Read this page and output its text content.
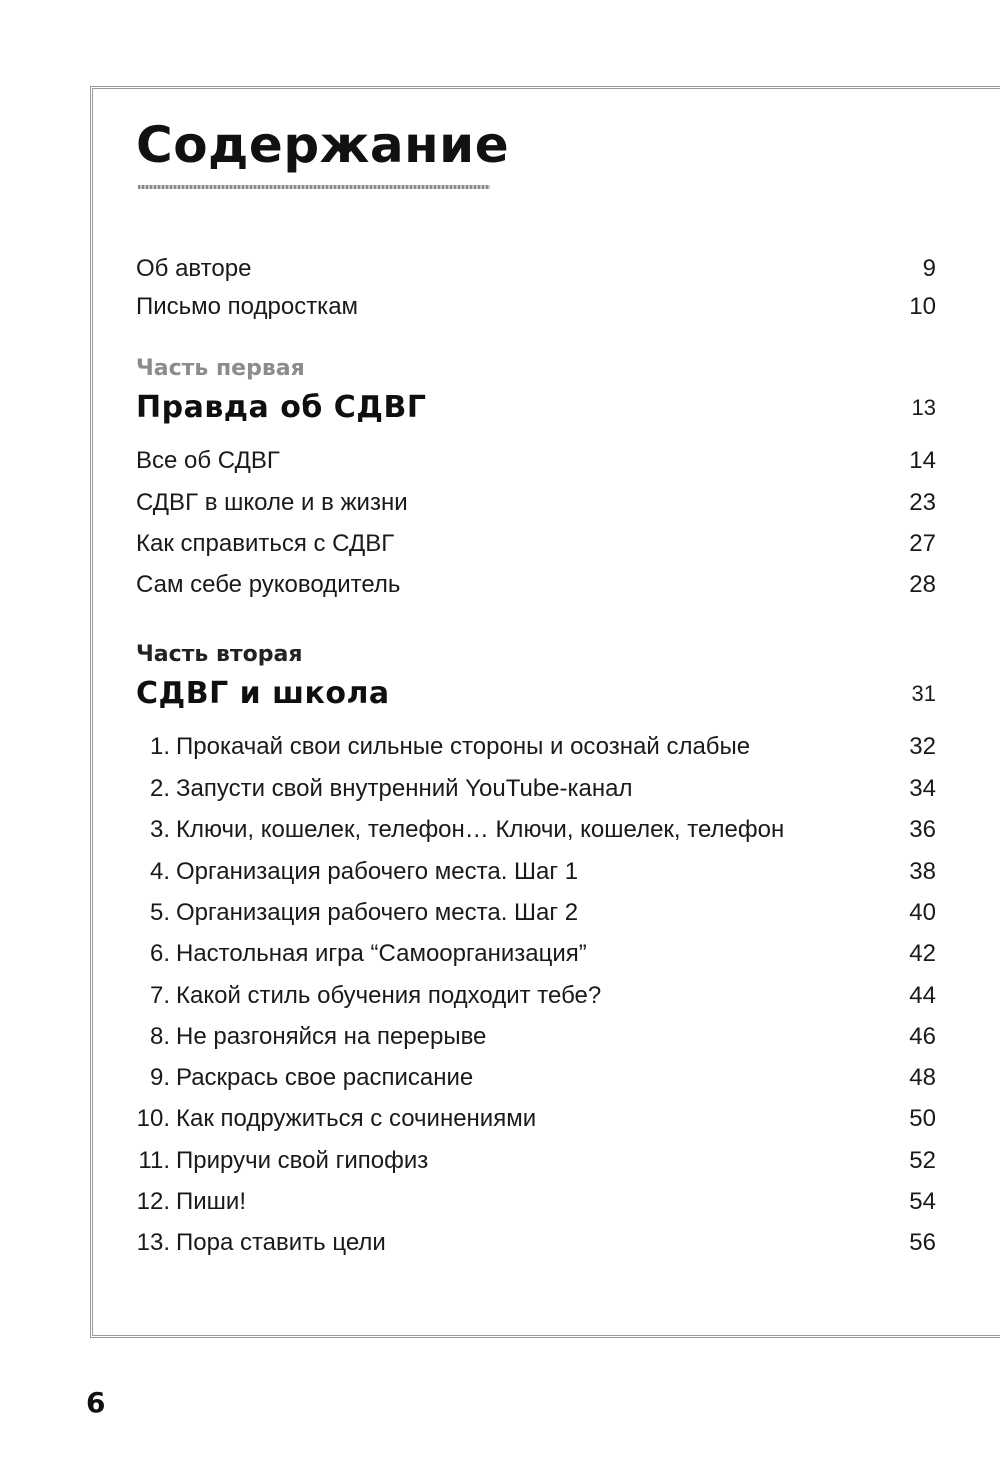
Содержание
Об авторе	9
Письмо подросткам	10
Часть первая
Правда об СДВГ	13
Все об СДВГ	14
СДВГ в школе и в жизни	23
Как справиться с СДВГ	27
Сам себе руководитель	28
Часть вторая
СДВГ и школа	31
1. Прокачай свои сильные стороны и осознай слабые	32
2. Запусти свой внутренний YouTube-канал	34
3. Ключи, кошелек, телефон… Ключи, кошелек, телефон	36
4. Организация рабочего места. Шаг 1	38
5. Организация рабочего места. Шаг 2	40
6. Настольная игра “Самоорганизация”	42
7. Какой стиль обучения подходит тебе?	44
8. Не разгоняйся на перерыве	46
9. Раскрась свое расписание	48
10. Как подружиться с сочинениями	50
11. Приручи свой гипофиз	52
12. Пиши!	54
13. Пора ставить цели	56
6
